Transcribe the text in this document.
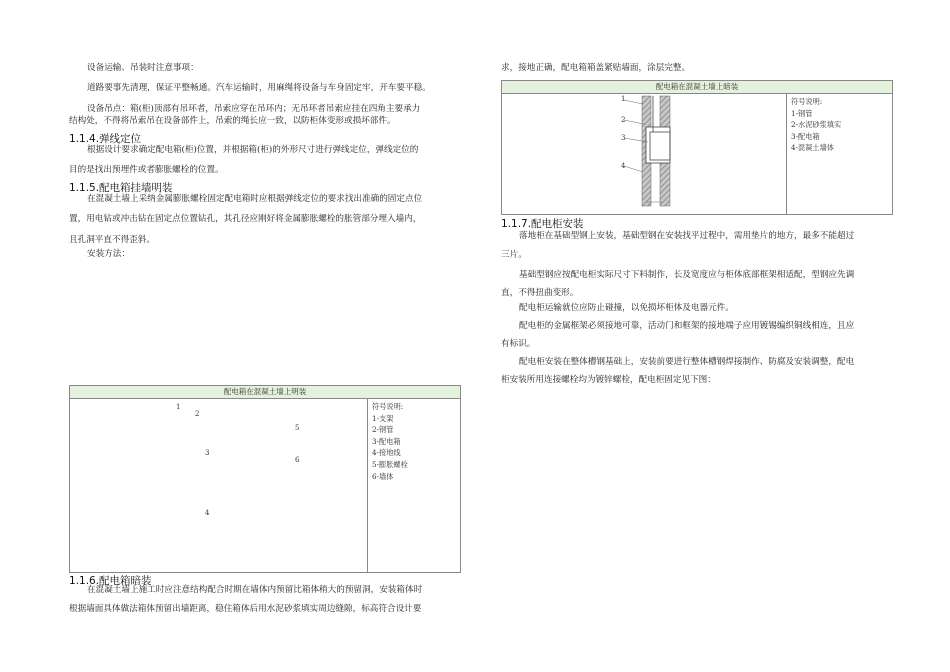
设备运输、吊装时注意事项：
道路要事先清理，保证平整畅通。汽车运输时，用麻绳将设备与车身固定牢，开车要平稳。
设备吊点：箱(柜)顶部有吊环者，吊索应穿在吊环内；无吊环者吊索应挂在四角主要承力
结构处，不得将吊索吊在设备部件上，吊索的绳长应一致，以防柜体变形或损坏部件。
1.1.4.弹线定位
根据设计要求确定配电箱(柜)位置，并根据箱(柜)的外形尺寸进行弹线定位，弹线定位的
目的是找出预埋件或者膨胀螺栓的位置。
1.1.5.配电箱挂墙明装
在混凝土墙上采纳金属膨胀螺栓固定配电箱时应根据弹线定位的要求找出准确的固定点位
置，用电钻或冲击钻在固定点位置钻孔，其孔径应刚好将金属膨胀螺栓的胀管部分埋入墙内，
且孔洞平直不得歪斜。
安装方法：
配电箱在混凝土墙上明装
1
2
5
3
6
4
符号说明:
1-支架
2-钢管
3-配电箱
4-接地线
5-膨胀螺栓
6-墙体
1.1.6.配电箱暗装
在混凝土墙上施工时应注意结构配合时期在墙体内预留比箱体稍大的预留洞，安装箱体时
根据墙面具体做法箱体预留出墙距离，稳住箱体后用水泥砂浆填实周边缝隙，标高符合设计要
求，接地正确，配电箱箱盖紧贴墙面，涂层完整。
配电箱在混凝土墙上暗装
1
2
3
4
符号说明:
1-钢管
2-水泥砂浆填实
3-配电箱
4-混凝土墙体
1.1.7.配电柜安装
落地柜在基础型钢上安装，基础型钢在安装找平过程中，需用垫片的地方，最多不能超过
三片。
基础型钢应按配电柜实际尺寸下料制作，长及宽度应与柜体底部框架相适配，型钢应先调
直，不得扭曲变形。
配电柜运输就位应防止碰撞，以免损坏柜体及电器元件。
配电柜的金属框架必须接地可靠，活动门和框架的接地端子应用镀锡编织铜线相连，且应
有标识。
配电柜安装在整体槽钢基础上，安装前要进行整体槽钢焊接制作、防腐及安装调整，配电
柜安装所用连接螺栓均为镀锌螺栓，配电柜固定见下图：
